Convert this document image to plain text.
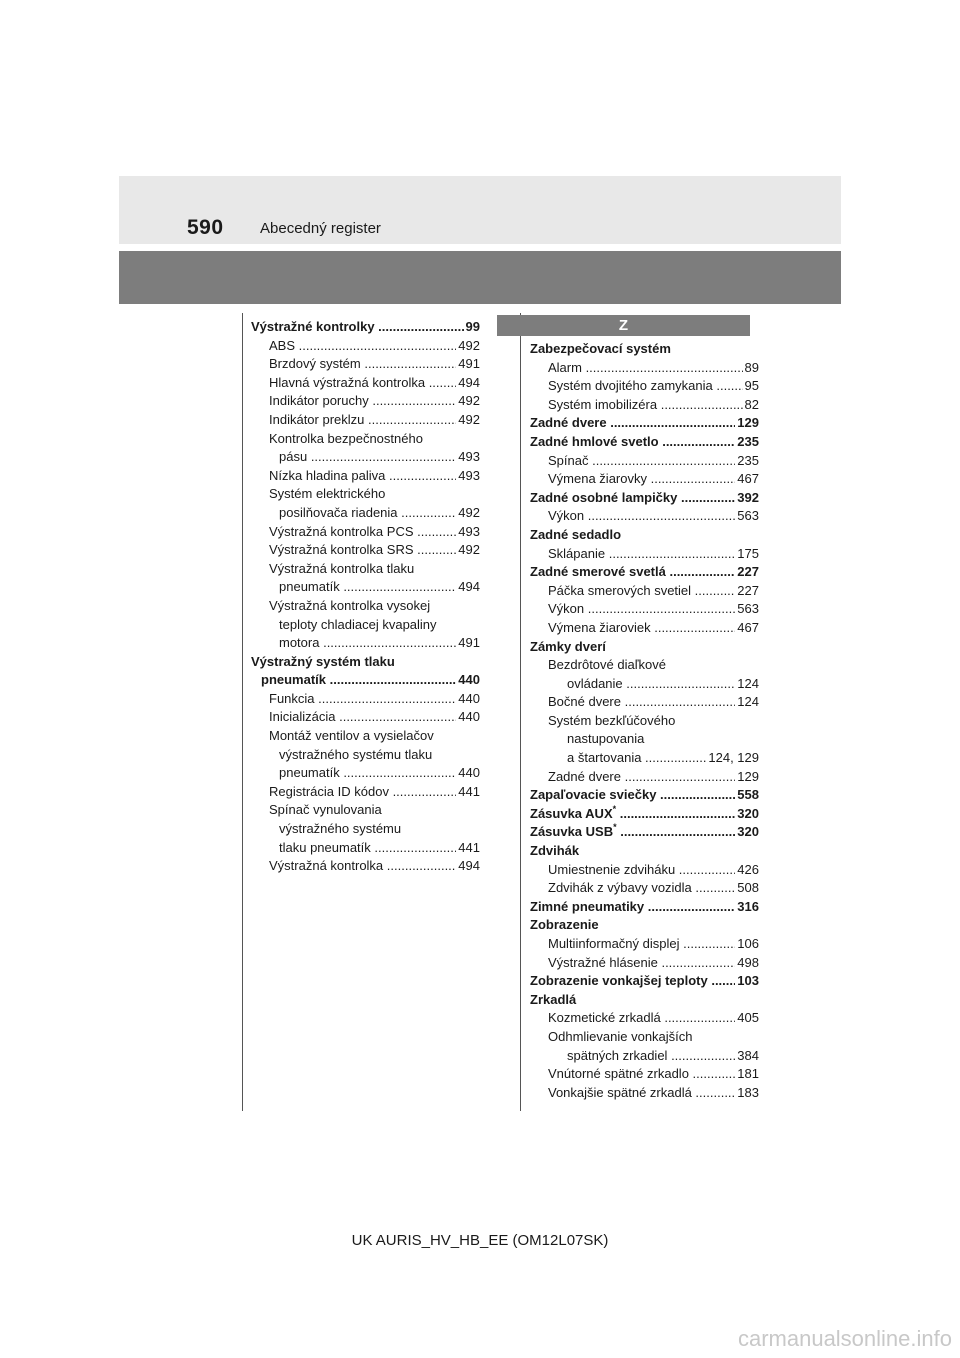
590 Abecedný register
Výstražné kontrolky	99
.....
ABS	492
.....
Brzdový systém	491
.....
Hlavná výstražná kontrolka	494
.....
Indikátor poruchy	492
.....
Indikátor preklzu	492
.....
Kontrolka bezpečnostného
pásu	493
.....
Nízka hladina paliva	493
.....
Systém elektrického
posilňovača riadenia	492
.....
Výstražná kontrolka PCS	493
.....
Výstražná kontrolka SRS	492
.....
Výstražná kontrolka tlaku
pneumatík	494
.....
Výstražná kontrolka vysokej
teploty chladiacej kvapaliny
motora	491
.....
Výstražný systém tlaku
pneumatík	440
.....
Funkcia	440
.....
Inicializácia	440
.....
Montáž ventilov a vysielačov
výstražného systému tlaku
pneumatík	440
.....
Registrácia ID kódov	441
.....
Spínač vynulovania
výstražného systému
tlaku pneumatík	441
.....
Výstražná kontrolka	494
.....
Z
Zabezpečovací systém
Alarm	89
.....
Systém dvojitého zamykania 95
.....
Systém imobilizéra	82
.....
Zadné dvere	129
.....
Zadné hmlové svetlo	235
.....
Spínač	235
.....
Výmena žiarovky	467
.....
Zadné osobné lampičky	392
.....
Výkon	563
.....
Zadné sedadlo
Sklápanie	175
.....
Zadné smerové svetlá	227
.....
Páčka smerových svetiel	227
.....
Výkon	563
.....
Výmena žiaroviek	467
.....
Zámky dverí
Bezdrôtové diaľkové
ovládanie	124
.....
Bočné dvere	124
.....
Systém bezkľúčového
nastupovania
a štartovania	124, 129
.....
Zadné dvere	129
.....
Zapaľovacie sviečky	558
.....
Zásuvka AUX*	320
.....
Zásuvka USB*	320
.....
Zdvihák
Umiestnenie zdviháku	426
.....
Zdvihák z výbavy vozidla	508
.....
Zimné pneumatiky	316
.....
Zobrazenie
Multiinformačný displej	106
.....
Výstražné hlásenie	498
.....
Zobrazenie vonkajšej teploty 103
.....
Zrkadlá
Kozmetické zrkadlá	405
.....
Odhmlievanie vonkajších
spätných zrkadiel	384
.....
Vnútorné spätné zrkadlo	181
.....
Vonkajšie spätné zrkadlá	183
.....
UK AURIS_HV_HB_EE (OM12L07SK)
carmanualsonline.info
